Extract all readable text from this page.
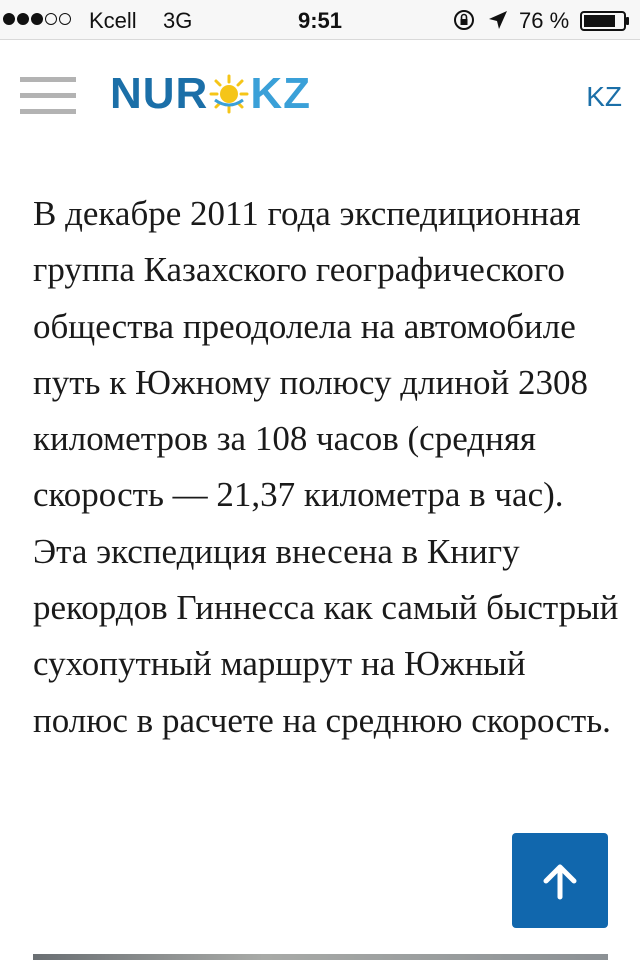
Kcell 3G	9:51	76 %
NUR KZ	KZ

В декабре 2011 года экспедиционная группа Казахского географического общества преодолела на автомобиле путь к Южному полюсу длиной 2308 километров за 108 часов (средняя скорость — 21,37 километра в час). Эта экспедиция внесена в Книгу рекордов Гиннесса как самый быстрый сухопутный маршрут на Южный полюс в расчете на среднюю скорость.
